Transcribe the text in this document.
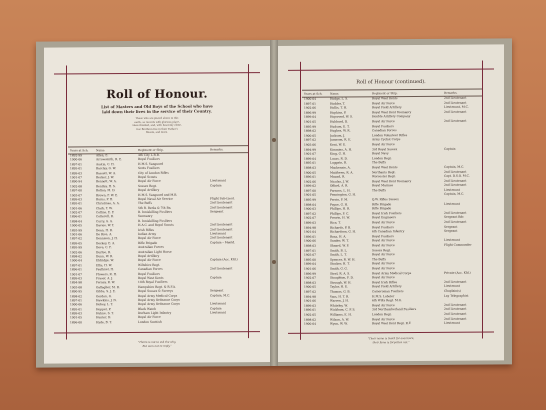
Roll of Honour.
List of Masters and Old Boys of the School who have
laid down their lives in the service of their Country.
Those who are placed above in this
earth, as records with glorious place,
Have finished, and, with heavenly clime,
Our Brethren live in their Father's
Bosom, and more.
Years at Sch.	Name.	Regiment or Ship.	Remarks.
1892-99	Allen, E.	4th City L.R.B.
1900-06	Arrowsmith, R. E.	Royal Fusiliers
1897-01	Austin, C. H.	H.M.S. Vanguard
1895-01	Barclay, G. W.	Scots Fusiliers
1899-03	Bassett, W. A.	City of London Rifles
1901-07	Becker, J. W.	Royal Scouts
1890-94	Bennett, W. A.	Royal Air Force	Lieutenant
1902-08	Bentley, H. S.	Sussex Regt.	Captain
1897-00	Bolton, M. D.	Royal Artillery
1903-07	Brown, F. W. E.	H.M.S. Vanguard and M.B.
1899-03	Burns, P. H.	Royal Naval Air Service	Flight Sub-Lieut.
1895-01	Christmas, A. A.	The Buffs	2nd Lieutenant
1901-06	Clark, T. W.	5th R. Berks & 7th Bn.	2nd Lieutenant
1902-07	Collins, E. F.	R. Inniskilling Fusiliers	Sergeant
1896-01	Cotterell, R.	Yeomanry
1898-04	Curry, A. A.	R. Inniskilling Fusiliers
1900-05	Davies, W. T.	H.A.C. and Royal Scouts	2nd Lieutenant
1893-99	Dean, H. R.	Irish Rifles	2nd Lieutenant
1901-06	De Rice, A.	Indian Army	Lieutenant
1897-02	Dennison, J. H.	Royal Air Force	2nd Lieutenant
1899-05	Dockey, E. A.	Rifle Brigade	Captain – Mentd.
1895-99	Dove, C. F.	Australian Forces
1902-06	Durfee, R.	Australian Light Horse
1898-02	Dunn, W. R.	Royal Artillery
1900-04	Eldridge, W.	Royal Air Force	Captain (Acc. Kld.)
1897-01	Ellis, H. W.	Wiltshire Regt.
1896-01	Faulkner, H.	Canadian Forces	2nd Lieutenant
1901-07	Flowers, R. H.	Royal Fusiliers
1899-03	Fraser, A. J.	Royal West Kents	Captain
1894-98	Ferney, R. W.	14th Royal Fusiliers
1903-08	Gallagher, M. R.	Hampshire Regt. & R.F.A.
1890-95	Gibbs, S. J. E.	Royal Sussex & Surreys	Sergeant
1898-02	Gordon, G.	Royal Army Medical Corps	Captain, M.C.
1897-01	Hawkins, J. N.	Royal Army Ordnance Corps
1900-06	Hobey, L. T.	Royal Army Ordnance Corps	Lieutenant
1895-01	Hopper, P.	Black Watch	Captain
1899-03	Hulme, S. T.	Durham Light Infantry	Lieutenant
1901-05	Hunter, D.	Royal Air Force
1896-00	Hyde, B. T.	London Scottish
"Theirs is not to ask the why,
But ours not to reply."
Roll of Honour (continued).
Years at Sch.	Name.	Regiment or Ship.	Remarks.
1900-04	Hodge, L. S.	Royal West Kents	2nd Lieutenant
1897-01	Hodder, T.	Royal Air Force	2nd Lieutenant
1902-06	Hollis, T. H.	Royal Field Artillery	Lieutenant, M.C.
1896-99	Hopkins, P.	Royal West Kent Yeomanry	2nd Lieutenant
1899-04	Hopwood, W. S.	Honble Artillery Company
1901-05	Hubbard, D.	Royal Air Force	2nd Lieutenant
1895-99	Hudson, E. T.	Royal Fusiliers
1898-02	Hughes, W. R.	Canadian Forces
1900-05	Jackson, J.	London Volunteer Rifles
1897-02	Jameson, R. E.	Army Cyclist Corps
1903-06	Kent, W. E.	Royal Air Force
1894-99	Kimmins, A. H.	3rd Royal Sussex	Captain
1901-07	King, G. H.	Royal Navy
1899-04	Lucas, R. D.	London Regt.
1895-01	Luggate, R.	The Buffs
1898-03	Mackenzie, A.	Royal West Kents	Captain, M.C.
1900-05	Matthews, R. A.	Northants Regt.	2nd Lieutenant
1896-01	Maund, R.	Worcester Regt.	Capt. D.S.O. M.C.
1902-06	Nicolas, J. W.	Royal West Kent Yeomanry	2nd Lieutenant
1899-02	Offord, A. R.	Royal Marines	2nd Lieutenant
1897-00	Parsons, L. H.	The Buffs	Lieutenant
1901-05	Pennington, G. H.	Captain, M.C.
1895-99	Perrin, F. M.	Q.W. Rifles Sussex
1898-04	Payne, G. H.	Rifle Brigade	Lieutenant
1900-03	Phillips, H. R.	Rifle Brigade
1897-02	Phillips, F. C.	Royal Irish Fusiliers	2nd Lieutenant
1902-07	Prewin, H. W.	Royal Engineers	Sergeant Bdr.
1899-03	Rice, T.	Royal Air Force	2nd Lieutenant
1894-98	Richards, P. B.	Royal Fusiliers	Sergeant
1901-04	Richardson, G. H.	6th Canadian Infantry	Sergeant
1896-01	Rosa, H. A.	Royal Fusiliers
1900-06	Sander, W. T.	Royal Air Force	Lieutenant
1898-03	Sheard, W. F.	Royal Air Force	Flight Commander
1897-01	Smith, B. L.	Sussex Regt.
1903-07	Smith, L. T.	Royal Air Force
1895-00	Spencer, R. W. H.	The Buffs
1899-04	Stocker, H. T.	Royal Air Force
1901-06	Smith, G. G.	Royal Air Force
1896-99	Steel, R. A. S.	Royal Army Medical Corps	Private (Acc. Kld.)
1902-07	Stoughton, F. D.	Royal Air Force
1898-03	Strough, W. H.	Royal Irish Rifles	2nd Lieutenant
1900-05	Taylor, H. E.	Royal Field Artillery	Lieutenant
1897-02	Thomas, G. B.	Cameronian Fusiliers	Chaplain(s)
1894-98	Vass, H. T. R.	H.M.S. Lobster	Lay Telegraphist
1901-06	Warren, J. H.	6th Wilts Regt. M.G.
1899-03	Whiteley, W.	Royal Air Force	2nd Lieutenant
1896-01	Wickham, C. P. S.	3rd Northumberland Fusiliers	2nd Lieutenant
1902-05	Williams, E. H.	London Regt.	2nd Lieutenant
1898-02	Wilson, A. W.	Royal Air Force	2nd Lieutenant
1900-04	Wyon, W. W.	Royal West Kent Regt. R.F.	Lieutenant
"Their name is liveth for evermore;
their fame is forgotten not."
